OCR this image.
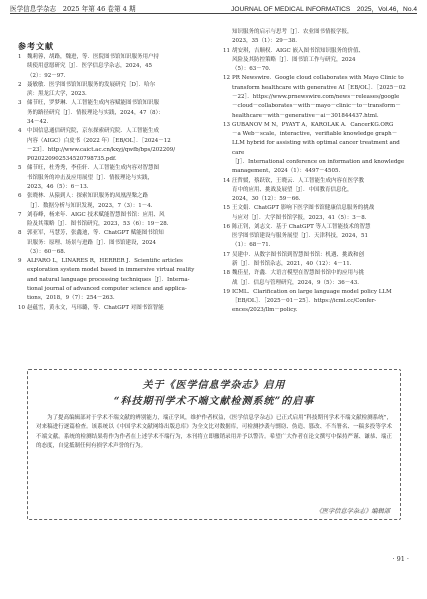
医学信息学杂志　2025 年第 46 卷第 4 期	JOURNAL OF MEDICAL INFORMATICS　2025，Vol.46，No.4
参考文献
1 魏莉蓉，胡路，魏进，等．医院图书馆知识服务用户持
续使用意愿研究［J］．医学信息学杂志，2024，45
（2）：92－97.
2 聂敏敏．医学图书馆知识服务的发展研究［D］．哈尔
滨：黑龙江大学，2023.
3 储节旺，罗梦琳．人工智能生成内容赋能图书馆知识服
务的路径研究［J］．情报理论与实践，2024，47（8）：
34－42.
4 中国信息通信研究院，京东探索研究院．人工智能生成
内容（AIGC）白皮书（2022 年）［EB/OL］．［2024－12
－23］．http://www.caict.ac.cn/kxyj/qwfb/bps/202209/
P020220902534520798735.pdf.
5 储节旺，杜秀秀，李佳轩．人工智能生成内容对智慧图
书馆服务的冲击及应用展望［J］．情报理论与实践，
2023，46（5）：6－13.
6 张晓林．从猿到人：探索知识服务的凤凰涅槃之路
［J］．数据分析与知识发现，2023，7（3）：1－4.
7 刘春峰，杨来年．AIGC 技术赋能智慧图书馆：应用、风
险及其策略［J］．图书馆研究，2023，53（6）：19－28.
8 郭亚军，马慧芳，张鑫迪，等．ChatGPT 赋能图书馆知
识服务：原理、场景与进路［J］．图书馆建设，2024
（3）：60－68.
9 ALFARO L，LINARES R，HERRER J．Scientific articles
exploration system model based in immersive virtual reality
and natural language processing techniques［J］．Interna-
tional journal of advanced computer science and applica-
tions，2018，9（7）：254－263.
10 赵蕴雪，黄永文，马玮璐，等．ChatGPT 对图书馆智能
知识服务的启示与思考［J］．农业图书情报学报，
2023，35（1）：29－38.
11 胡安琪，吉顺权．AIGC 嵌入图书馆知识服务的价值、
风险及其防控策略［J］．图书馆工作与研究，2024
（5）：63－70.
12 PR Newswire．Google cloud collaborates with Mayo Clinic to
transform healthcare with generative AI［EB/OL］．［2025－02
－22］．https://www.prnewswire.com/news－releases/google
－cloud－collaborates－with－mayo－clinic－to－transform－
healthcare－with－generative－ai－301844437.html.
13 GUBANOV M N，PYAYT A，KAROLAK A．CancerKG.ORG
－a Web－scale，interactive，verifiable knowledge graph－
LLM hybrid for assisting with optimal cancer treatment and care
［J］．International conference on information and knowledge
management，2024（1）：4497－4505.
14 汪哲媛，蔡跃钦，王晓云．人工智能生成内容在医学教
育中的应用、挑战及展望［J］．中国教育信息化，
2024，30（12）：59－66.
15 王文娟．ChatGPT 影响下医学图书馆健康信息服务的挑战
与应对［J］．大学图书馆学报，2023，41（5）：3－8.
16 陈正钊，刘志文．基于 ChatGPT 等人工智能技术的智慧
医学图书馆建设与服务展望［J］．天津科技，2024，51
（1）：68－71.
17 吴建中．从数字图书馆到智慧图书馆：机遇、挑战和创
新［J］．图书馆杂志，2021，40（12）：4－11.
18 魏佳星，许鑫．大语言模型在智慧图书馆中的应用与挑
战［J］．信息与管理研究，2024，9（5）：36－43.
19 ICML．Clarification on large language model policy LLM
［EB/OL］．［2025－01－25］．https://icml.cc/Confer-
ences/2023/llm－policy.
关于《医学信息学杂志》启用
“科技期刊学术不端文献检测系统”的启事
为了提高编辑部对于学术不端文献的辨别能力，端正学风，维护作者权益，《医学信息学杂志》已正式启用“科技期刊学术不端文献检测系统”，对来稿进行逐篇检查。该系统以《中国学术文献网络出版总库》为全文比对数据库，可检测抄袭与剽窃、伪造、篡改、不当署名、一稿多投等学术不端文献。系统的检测结果将作为作者在上述学术不端行为，本刊将立即撤销录用并予以警告。希望广大作者在论文撰写中保持严谨、谦恭、端正的态度，自觉抵制任何有损学术声誉的行为。
《医学信息学杂志》编辑部
· 91 ·
